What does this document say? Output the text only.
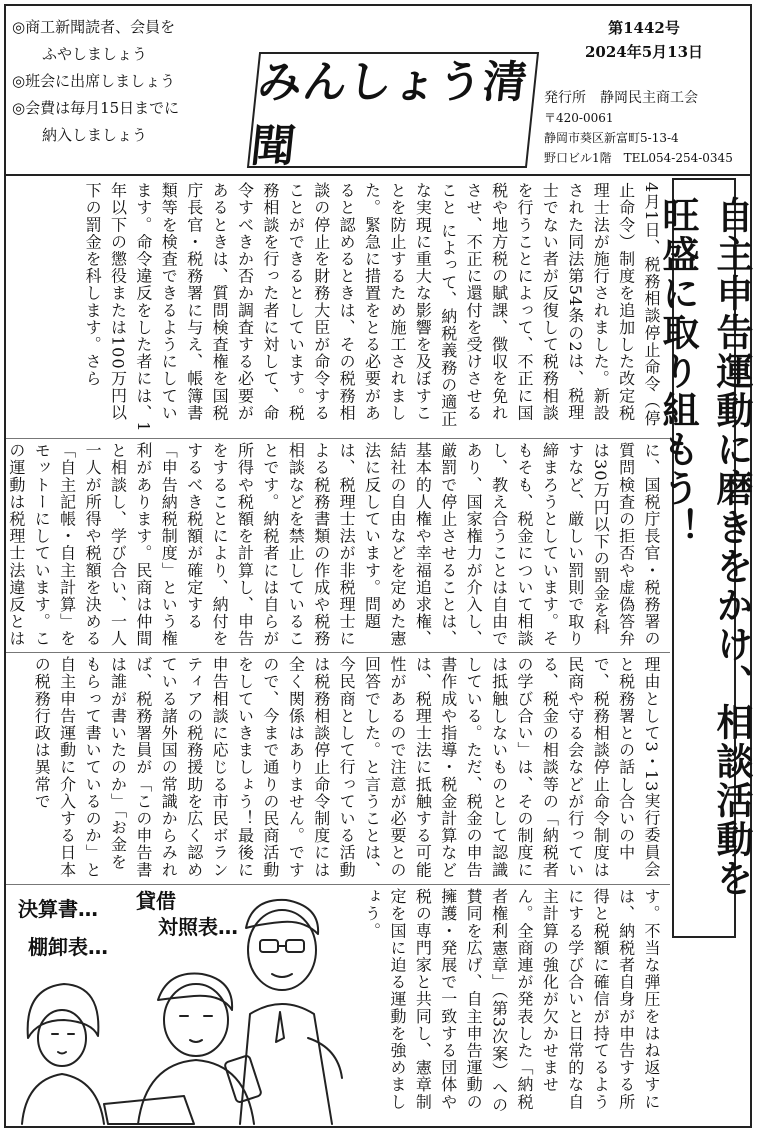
◎商工新聞読者、会員を
ふやしましょう
◎班会に出席しましょう
◎会費は毎月15日までに
納入しましょう
みんしょう清聞
第1442号
2024年5月13日
発行所　静岡民主商工会
〒420-0061
静岡市葵区新富町5-13-4
野口ビル1階　TEL054-254-0345
自主申告運動に磨きをかけ、相談活動を旺盛に取り組もう！
4月1日、税務相談停止命令（停止命令）制度を追加した改定税理士法が施行されました。新設された同法第54条の2は、税理士でない者が反復して税務相談を行うことによって、不正に国税や地方税の賦課、徴収を免れさせ、不正に還付を受けさせること によって、納税義務の適正な実現に重大な影響を及ぼすことを防止するため施工されました。緊急に措置をとる必要があると認めるときは、その税務相談の停止を財務大臣が命令することができるとしています。税務相談を行った者に対して、命令すべきか否か調査する必要があるときは、質問検査権を国税庁長官・税務署に与え、帳簿書類等を検査できるようにしています。命令違反をした者には、1年以下の懲役または100万円以下の罰金を科します。さら
に、国税庁長官・税務署の質問検査の拒否や虚偽答弁は30万円以下の罰金を科すなど、厳しい罰則で取り締まろうとしています。そもそも、税金について相談し、教え合うことは自由であり、国家権力が介入し、厳罰で停止させることは、基本的人権や幸福追求権、結社の自由などを定めた憲法に反しています。問題は、税理士法が非税理士による税務書類の作成や税務相談などを禁止していることです。納税者には自らが所得や税額を計算し、申告をすることにより、納付をするべき税額が確定する「申告納税制度」という権利があります。民商は仲間と相談し、学び合い、一人一人が所得や税額を決める「自主記帳・自主計算」をモットーにしています。この運動は税理士法違反とは
理由として3・13実行委員会と税務署との話し合いの中で、税務相談停止命令制度は民商や守る会などが行っている、税金の相談等の「納税者の学び合い」は、その制度には抵触しないものとして認識している。ただ、税金の申告書作成や指導・税金計算などは、税理士法に抵触する可能性があるので注意が必要との回答でした。と言うことは、今民商として行っている活動は税務相談停止命令制度には全く関係はありません。ですので、今まで通りの民商活動をしていきましょう！最後に申告相談に応じる市民ボランティアの税務援助を広く認めている諸外国の常識からみれば、税務署員が「この申告書は誰が書いたのか」「お金をもらって書いているのか」と自主申告運動に介入する日本の税務行政は異常で
す。不当な弾圧をはね返すには、納税者自身が申告する所得と税額に確信が持てるようにする学び合いと日常的な自主計算の強化が欠かせません。全商連が発表した「納税者権利憲章」（第3次案）への賛同を広げ、自主申告運動の擁護・発展で一致する団体や税の専門家と共同し、憲章制定を国に迫る運動を強めましょう。
決算書… 貸借
対照表…
棚卸表…
